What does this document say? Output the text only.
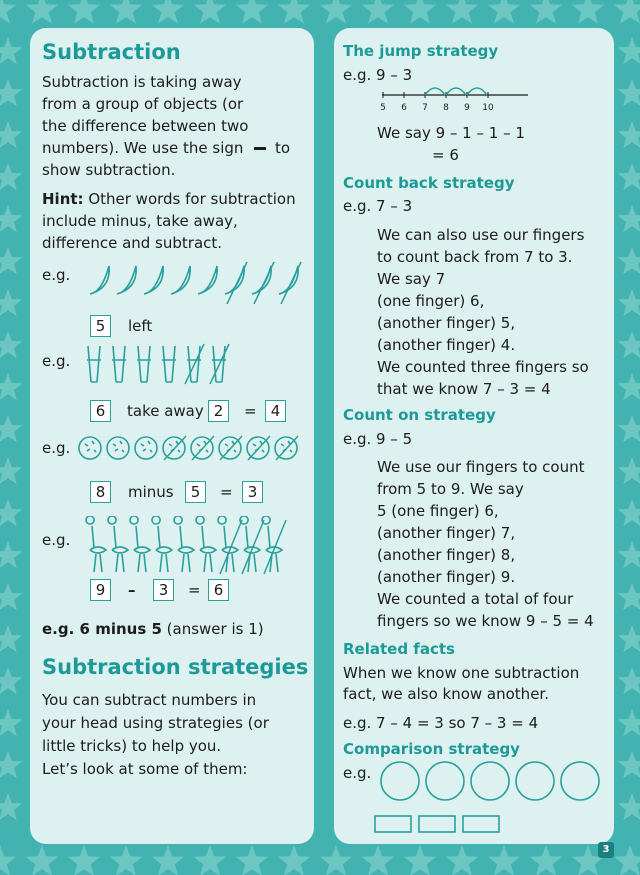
Subtraction
Subtraction is taking away
from a group of objects (or
the difference between two
numbers). We use the sign to
show subtraction.
Hint: Other words for subtraction
include minus, take away,
difference and subtract.
e.g.
5	left
e.g.
6	take away 2	= 4
e.g.
8	minus	5	=	3
e.g.
9	–	3	= 6
e.g. 6 minus 5 (answer is 1)
Subtraction strategies
You can subtract numbers in
your head using strategies (or
little tricks) to help you.
Let’s look at some of them:
The jump strategy
e.g. 9 – 3
5 6 7 8 9 10
We say 9 – 1 – 1 – 1
= 6
Count back strategy
e.g. 7 – 3
We can also use our fingers
to count back from 7 to 3.
We say 7
(one finger) 6,
(another finger) 5,
(another finger) 4.
We counted three fingers so
that we know 7 – 3 = 4
Count on strategy
e.g. 9 – 5
We use our fingers to count
from 5 to 9. We say
5 (one finger) 6,
(another finger) 7,
(another finger) 8,
(another finger) 9.
We counted a total of four
fingers so we know 9 – 5 = 4
Related facts
When we know one subtraction
fact, we also know another.
e.g. 7 – 4 = 3 so 7 – 3 = 4
Comparison strategy
e.g.
3
